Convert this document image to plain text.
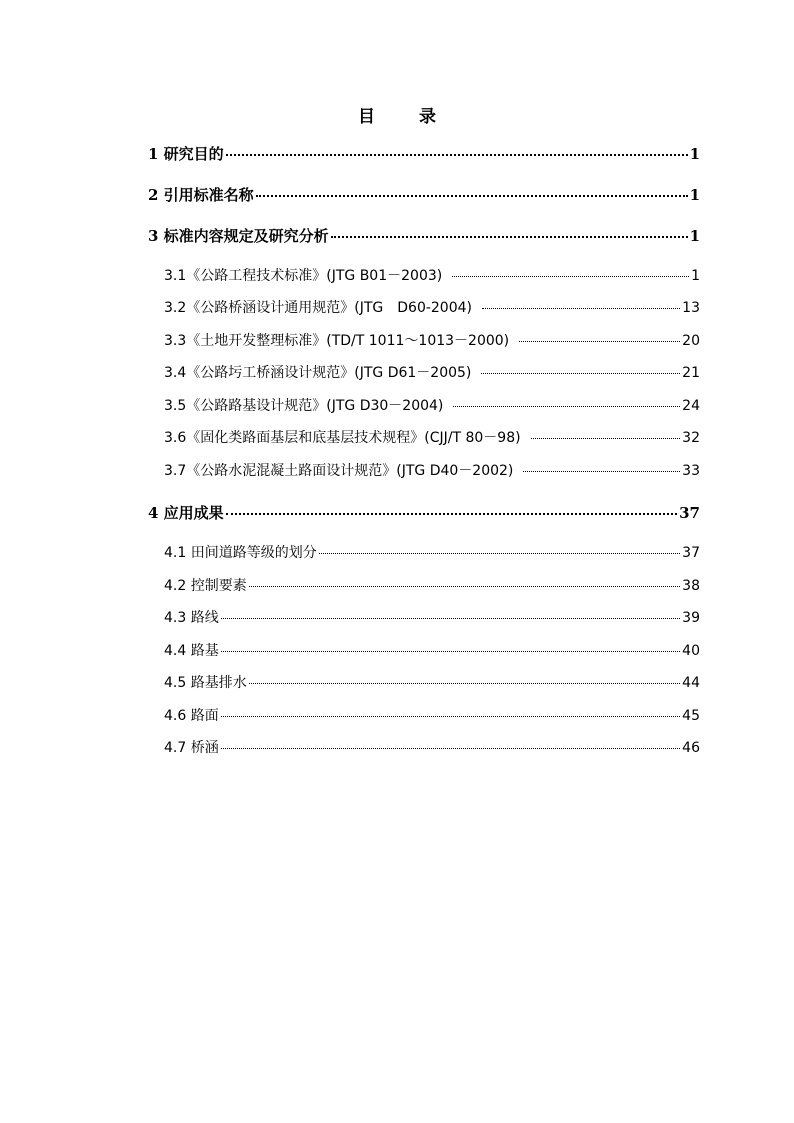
目	录
1 研究目的	1
2 引用标准名称	1
3 标准内容规定及研究分析	1
3.1《公路工程技术标准》(JTG B01－2003)	1
3.2《公路桥涵设计通用规范》(JTG　D60-2004)	13
3.3《土地开发整理标准》(TD/T 1011～1013－2000)	20
3.4《公路圬工桥涵设计规范》(JTG D61－2005)	21
3.5《公路路基设计规范》(JTG D30－2004)	24
3.6《固化类路面基层和底基层技术规程》(CJJ/T 80－98)	32
3.7《公路水泥混凝土路面设计规范》(JTG D40－2002)	33
4 应用成果	37
4.1 田间道路等级的划分	37
4.2 控制要素	38
4.3 路线	39
4.4 路基	40
4.5 路基排水	44
4.6 路面	45
4.7 桥涵	46
